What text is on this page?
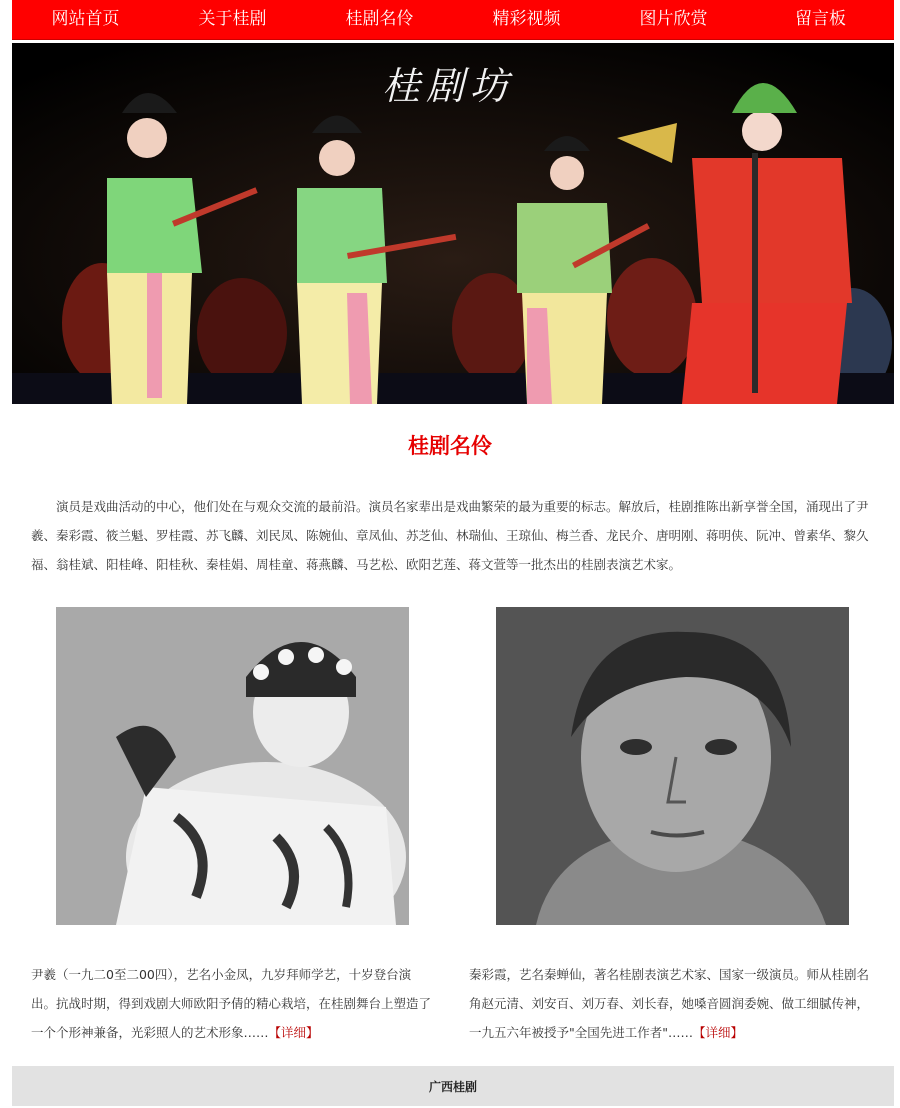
网站首页	关于桂剧	桂剧名伶	精彩视频	图片欣赏	留言板
桂剧坊
桂剧名伶

演员是戏曲活动的中心，他们处在与观众交流的最前沿。演员名家辈出是戏曲繁荣的最为重要的标志。解放后，桂剧推陈出新享誉全国，涌现出了尹羲、秦彩霞、筱兰魁、罗桂霞、苏飞麟、刘民凤、陈婉仙、章凤仙、苏芝仙、林瑞仙、王琼仙、梅兰香、龙民介、唐明刚、蒋明侠、阮冲、曾素华、黎久福、翁桂斌、阳桂峰、阳桂秋、秦桂娟、周桂童、蒋燕麟、马艺松、欧阳艺莲、蒋文萱等一批杰出的桂剧表演艺术家。

尹羲（一九二0至二00四），艺名小金凤，九岁拜师学艺，十岁登台演出。抗战时期，得到戏剧大师欧阳予倩的精心栽培，在桂剧舞台上塑造了一个个形神兼备，光彩照人的艺术形象……【详细】

秦彩霞，艺名秦蝉仙，著名桂剧表演艺术家、国家一级演员。师从桂剧名角赵元清、刘安百、刘万春、刘长春，她嗓音圆润委婉、做工细腻传神，一九五六年被授予"全国先进工作者"……【详细】

广西桂剧
